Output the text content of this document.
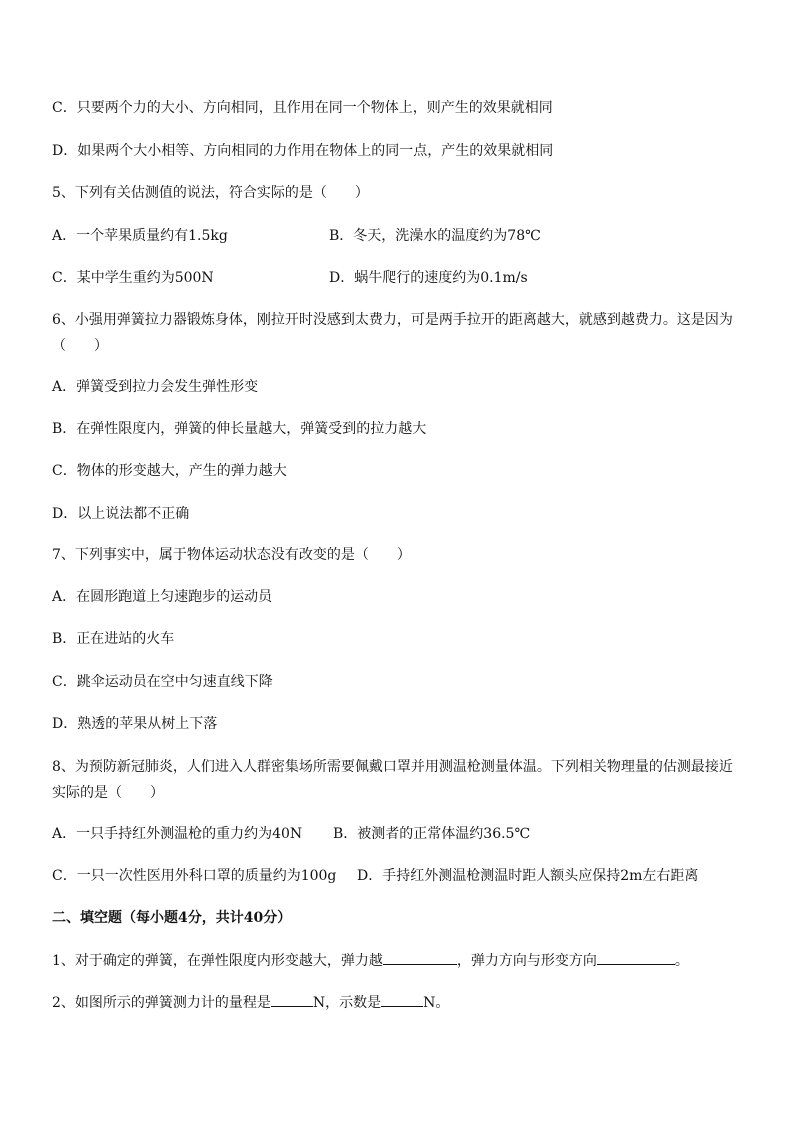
C．只要两个力的大小、方向相同，且作用在同一个物体上，则产生的效果就相同
D．如果两个大小相等、方向相同的力作用在物体上的同一点，产生的效果就相同
5、下列有关估测值的说法，符合实际的是（　　）
A．一个苹果质量约有1.5kg	B．冬天，洗澡水的温度约为78℃
C．某中学生重约为500N	D．蜗牛爬行的速度约为0.1m/s
6、小强用弹簧拉力器锻炼身体，刚拉开时没感到太费力，可是两手拉开的距离越大，就感到越费力。这是因为（　　）
A．弹簧受到拉力会发生弹性形变
B．在弹性限度内，弹簧的伸长量越大，弹簧受到的拉力越大
C．物体的形变越大，产生的弹力越大
D．以上说法都不正确
7、下列事实中，属于物体运动状态没有改变的是（　　）
A．在圆形跑道上匀速跑步的运动员
B．正在进站的火车
C．跳伞运动员在空中匀速直线下降
D．熟透的苹果从树上下落
8、为预防新冠肺炎，人们进入人群密集场所需要佩戴口罩并用测温枪测量体温。下列相关物理量的估测最接近实际的是（　　）
A．一只手持红外测温枪的重力约为40N B．被测者的正常体温约36.5℃
C．一只一次性医用外科口罩的质量约为100g D．手持红外测温枪测温时距人额头应保持2m左右距离
二、填空题（每小题4分，共计40分）
1、对于确定的弹簧，在弹性限度内形变越大，弹力越	，弹力方向与形变方向	。
2、如图所示的弹簧测力计的量程是	N，示数是	N。
